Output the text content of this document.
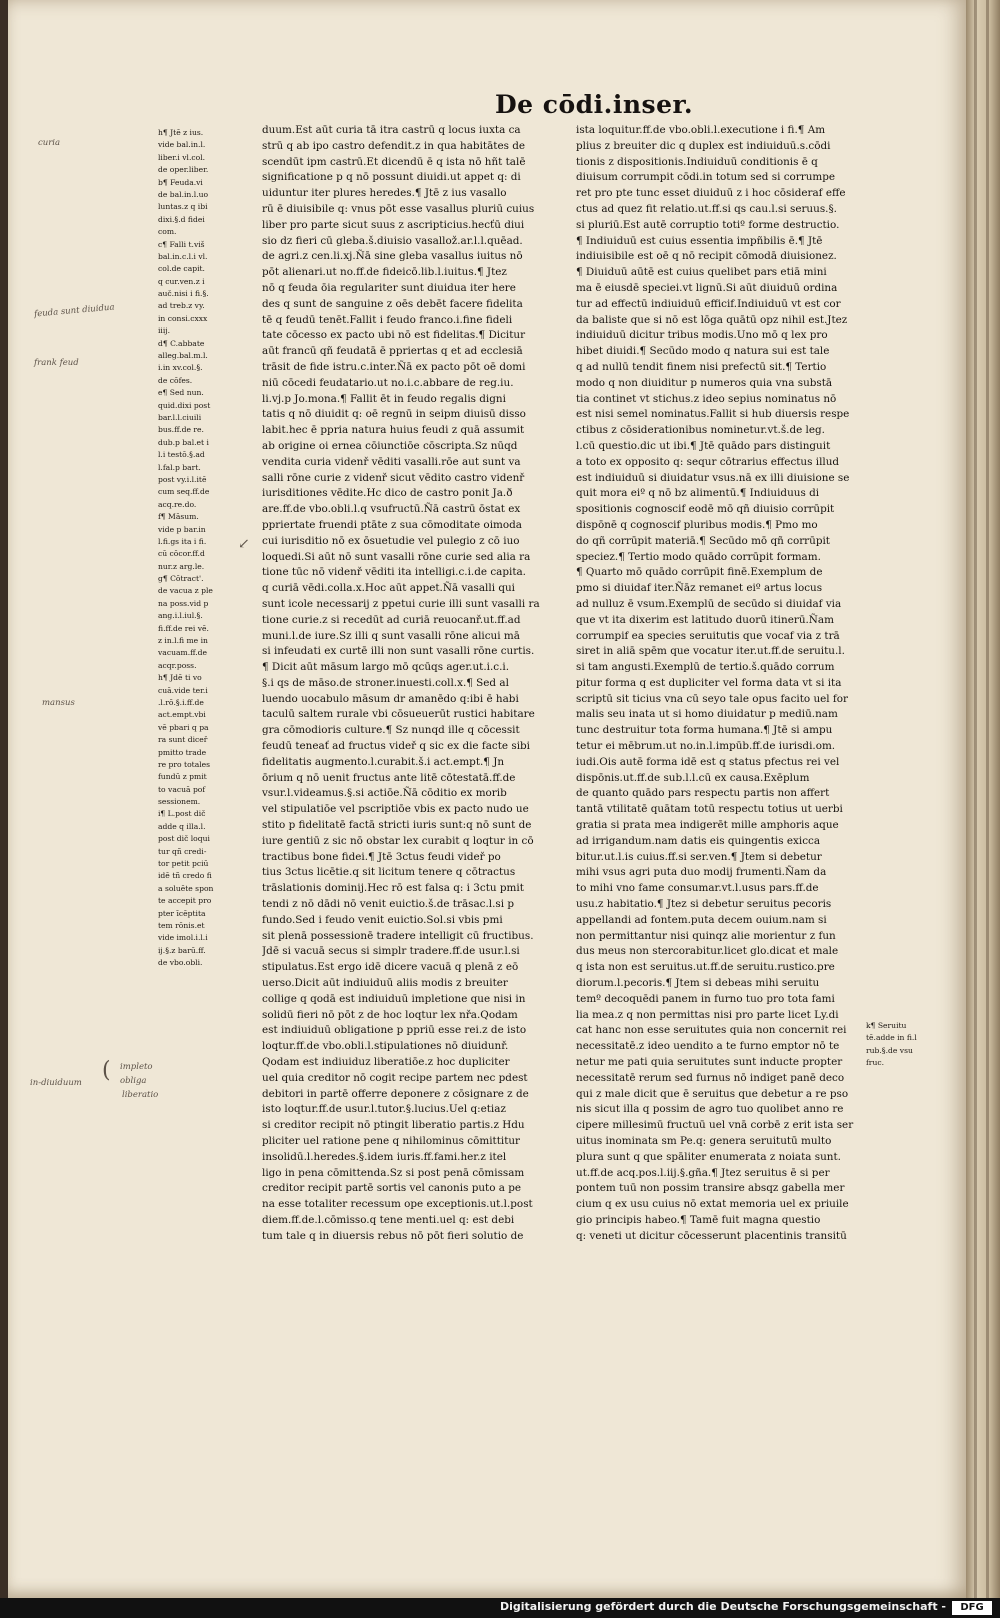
De cōdi.inser.
h¶ Jtē z ius.
vide bal.in.l.
liber.i vl.col.
de oper.liber.
b¶ Feuda.vi
de bal.in.l.uo
luntas.z q ibi
dixi.§.d fidei
com.
c¶ Falli t.viš
bal.in.c.l.i vl.
col.de capit.
q cur.ven.z i
auč.nisi i fi.§.
ad treb.z vy.
in consi.cxxx
iiij.
d¶ C.abbate
alleg.bal.m.l.
i.in xv.col.§.
de cōfes.
e¶ Sed nun.
quid.dixi post
bar.l.l.ciuili
bus.ff.de re.
dub.p bal.et i
l.i testō.§.ad
l.fal.p bart.
post vy.i.l.itē
cum seq.ff.de
acq.re.do.
f¶ Māsum.
vide p bar.in
l.fi.gs ita i fi.
cū cōcor.ff.d
nur.z arg.le.
g¶ Cōtract'.
de vacua z ple
na poss.vid p
ang.i.l.iul.§.
fi.ff.de rei vē.
z in.l.fi me in
vacuam.ff.de
acqr.poss.
h¶ Jdē ti vo
cuā.vide ter.i
.l.rō.§.i.ff.de
act.empt.vbi
vē pbari q pa
ra sunt diceř
pmitto trade
re pro totales
fundū z pmit
to vacuā pof
sessionem.
i¶ L.post dič
adde q illa.l.
post dič loqui
tur qñ credi-
tor petit pciū
idē tñ credo fi
a soluēte spon
te accepit pro
pter īcēptita
tem rōnis.et
vide imol.i.l.i
ij.§.z barū.ff.
de vbo.obli.
duum.Est aūt curia tā itra castrū q locus iuxta ca
strū q ab ipo castro defendit.z in qua habitātes de
scendūt ipm castrū.Et dicendū ē q ista nō hñt talē
significatione p q nō possunt diuidi.ut appet q: di
uiduntur iter plures heredes.¶ Jtē z ius vasallo
rū ē diuisibile q: vnus pōt esse vasallus pluriū cuius
liber pro parte sicut suus z ascripticius.hecťū diui
sio dz fieri cū gleba.š.diuisio vasallož.ar.l.l.quēad.
de agri.z cen.li.xj.Ñā sine gleba vasallus iuitus nō
pōt alienari.ut no.ff.de fideicō.lib.l.iuitus.¶ Jtez
nō q feuda ōia regulariter sunt diuidua iter here
des q sunt de sanguine z oēs debēt facere fidelita
tē q feudū tenēt.Fallit i feudo franco.i.fine fideli
tate cōcesso ex pacto ubi nō est fidelitas.¶ Dicitur
aūt francū qñ feudatā ē ppriertas q et ad ecclesiā
trāsit de fide istru.c.inter.Ñā ex pacto pōt oē domi
niū cōcedi feudatario.ut no.i.c.abbare de reg.iu.
li.vj.p Jo.mona.¶ Fallit ēt in feudo regalis digni
tatis q nō diuidit q: oē regnū in seipm diuisū disso
labit.hec ē ppria natura huius feudi z quā assumit
ab origine oi ernea cōiunctiōe cōscripta.Sz nūqd
vendita curia videnř vēditi vasalli.rōe aut sunt va
salli rōne curie z videnř sicut vēdito castro videnř
iurisditiones vēdite.Hc dico de castro ponit Ja.ð
are.ff.de vbo.obli.l.q vsufructū.Ñā castrū ōstat ex
ppriertate fruendi ptāte z sua cōmoditate oimoda
cui iurisditio nō ex ōsuetudie vel pulegio z cō iuo
loquedi.Si aūt nō sunt vasalli rōne curie sed alia ra
tione tūc nō videnř vēditi ita intelligi.c.i.de capita.
q curiā vēdi.colla.x.Hoc aūt appet.Ñā vasalli qui
sunt icole necessarij z ppetui curie illi sunt vasalli ra
tione curie.z si recedūt ad curiā reuocanř.ut.ff.ad
muni.l.de iure.Sz illi q sunt vasalli rōne alicui mā
si infeudati ex curtē illi non sunt vasalli rōne curtis.
¶ Dicit aūt māsum largo mō qcūqs ager.ut.i.c.i.
§.i qs de māso.de stroner.inuesti.coll.x.¶ Sed al
luendo uocabulo māsum dr amanēdo q:ibi ē habi
taculū saltem rurale vbi cōsueuerūt rustici habitare
gra cōmodioris culture.¶ Sz nunqd ille q cōcessit
feudū teneať ad fructus videř q sic ex die facte sibi
fidelitatis augmento.l.curabit.š.i act.empt.¶ Jn
ōrium q nō uenit fructus ante litē cōtestatā.ff.de
vsur.l.videamus.§.si actiōe.Ñā cōditio ex morib
vel stipulatiōe vel pscriptiōe vbis ex pacto nudo ue
stito p fidelitatē factā stricti iuris sunt:q nō sunt de
iure gentiū z sic nō obstar lex curabit q loqtur in cō
tractibus bone fidei.¶ Jtē 3ctus feudi videř po
tius 3ctus licētie.q sit licitum tenere q cōtractus
trāslationis dominij.Hec rō est falsa q: i 3ctu pmit
tendi z nō dādi nō venit euictio.š.de trāsac.l.si p
fundo.Sed i feudo venit euictio.Sol.si vbis pmi
sit plenā possessionē tradere intelligit cū fructibus.
Jdē si vacuā secus si simplr tradere.ff.de usur.l.si
stipulatus.Est ergo idē dicere vacuā q plenā z eō
uerso.Dicit aūt indiuiduū aliis modis z breuiter
collige q qodā est indiuiduū impletione que nisi in
solidū fieri nō pōt z de hoc loqtur lex nřa.Qodam
est indiuiduū obligatione p ppriū esse rei.z de isto
loqtur.ff.de vbo.obli.l.stipulationes nō diuidunř.
Qodam est indiuiduz liberatiōe.z hoc dupliciter
uel quia creditor nō cogit recipe partem nec pdest
debitori in partē offerre deponere z cōsignare z de
isto loqtur.ff.de usur.l.tutor.§.lucius.Uel q:etiaz
si creditor recipit nō ptingit liberatio partis.z Hdu
pliciter uel ratione pene q nihilominus cōmittitur
insolidū.l.heredes.§.idem iuris.ff.fami.her.z itel
ligo in pena cōmittenda.Sz si post penā cōmissam
creditor recipit partē sortis vel canonis puto a pe
na esse totaliter recessum ope exceptionis.ut.l.post
diem.ff.de.l.cōmisso.q tene menti.uel q: est debi
tum tale q in diuersis rebus nō pōt fieri solutio de
ista loquitur.ff.de vbo.obli.l.executione i fi.¶ Am
plius z breuiter dic q duplex est indiuiduū.s.cōdi
tionis z dispositionis.Indiuiduū conditionis ē q
diuisum corrumpit cōdi.in totum sed si corrumpe
ret pro pte tunc esset diuiduū z i hoc cōsideraf effe
ctus ad quez fit relatio.ut.ff.si qs cau.l.si seruus.§.
si pluriū.Est autē corruptio totiº forme destructio.
¶ Indiuiduū est cuius essentia impñbilis ē.¶ Jtē
indiuisibile est oē q nō recipit cōmodā diuisionez.
¶ Diuiduū aūtē est cuius quelibet pars etiā mini
ma ē eiusdē speciei.vt lignū.Si aūt diuiduū ordina
tur ad effectū indiuiduū efficif.Indiuiduū vt est cor
da baliste que si nō est lōga quātū opz nihil est.Jtez
indiuiduū dicitur tribus modis.Uno mō q lex pro
hibet diuidi.¶ Secūdo modo q natura sui est tale
q ad nullū tendit finem nisi prefectū sit.¶ Tertio
modo q non diuiditur p numeros quia vna substā
tia continet vt stichus.z ideo sepius nominatus nō
est nisi semel nominatus.Fallit si hub diuersis respe
ctibus z cōsiderationibus nominetur.vt.š.de leg.
l.cū questio.dic ut ibi.¶ Jtē quādo pars distinguit
a toto ex opposito q: sequr cōtrarius effectus illud
est indiuiduū si diuidatur vsus.nā ex illi diuisione se
quit mora eiº q nō bz alimentū.¶ Indiuiduus di
spositionis cognoscif eodē mō qñ diuisio corrūpit
dispōnē q cognoscif pluribus modis.¶ Pmo mo
do qñ corrūpit materiā.¶ Secūdo mō qñ corrūpit
speciez.¶ Tertio modo quādo corrūpit formam.
¶ Quarto mō quādo corrūpit finē.Exemplum de
pmo si diuidaf iter.Ñāz remanet eiº artus locus
ad nulluz ē vsum.Exemplū de secūdo si diuidaf via
que vt ita dixerim est latitudo duorū itinerū.Ñam
corrumpif ea species seruitutis que vocaf via z trā
siret in aliā spēm que vocatur iter.ut.ff.de seruitu.l.
si tam angusti.Exemplū de tertio.š.quādo corrum
pitur forma q est dupliciter vel forma data vt si ita
scriptū sit ticius vna cū seyo tale opus facito uel for
malis seu inata ut si homo diuidatur p mediū.nam
tunc destruitur tota forma humana.¶ Jtē si ampu
tetur ei mēbrum.ut no.in.l.impūb.ff.de iurisdi.om.
iudi.Ois autē forma idē est q status pfectus rei vel
dispōnis.ut.ff.de sub.l.l.cū ex causa.Exēplum
de quanto quādo pars respectu partis non affert
tantā vtilitatē quātam totū respectu totius ut uerbi
gratia si prata mea indigerēt mille amphoris aque
ad irrigandum.nam datis eis quingentis exicca
bitur.ut.l.is cuius.ff.si ser.ven.¶ Jtem si debetur
mihi vsus agri puta duo modij frumenti.Ñam da
to mihi vno fame consumar.vt.l.usus pars.ff.de
usu.z habitatio.¶ Jtez si debetur seruitus pecoris
appellandi ad fontem.puta decem ouium.nam si
non permittantur nisi quinqz alie morientur z fun
dus meus non stercorabitur.licet glo.dicat et male
q ista non est seruitus.ut.ff.de seruitu.rustico.pre
diorum.l.pecoris.¶ Jtem si debeas mihi seruitu
temº decoquēdi panem in furno tuo pro tota fami
lia mea.z q non permittas nisi pro parte licet Ly.di
cat hanc non esse seruitutes quia non concernit rei
necessitatē.z ideo uendito a te furno emptor nō te
netur me pati quia seruitutes sunt inducte propter
necessitatē rerum sed furnus nō indiget panē deco
qui z male dicit que ē seruitus que debetur a re pso
nis sicut illa q possim de agro tuo quolibet anno re
cipere millesimū fructuū uel vnā corbē z erit ista ser
uitus inominata sm Pe.q: genera seruitutū multo
plura sunt q que spāliter enumerata z noiata sunt.
ut.ff.de acq.pos.l.iij.§.gña.¶ Jtez seruitus ē si per
pontem tuū non possim transire absqz gabella mer
cium q ex usu cuius nō extat memoria uel ex priuile
gio principis habeo.¶ Tamē fuit magna questio
q: veneti ut dicitur cōcesserunt placentinis transitū
k¶ Seruitu
tē.adde in fi.l
rub.§.de vsu
fruc.
curia
feuda sunt diuidua
frank feud
mansus
in-diuiduum
impleto
obliga
liberatio
(
↙
Digitalisierung gefördert durch die Deutsche Forschungsgemeinschaft -	DFG
